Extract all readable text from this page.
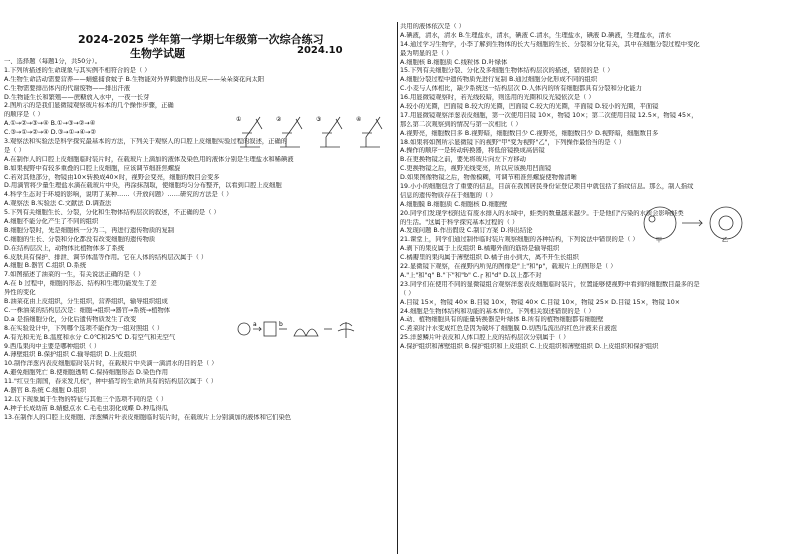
2024-2025 学年第一学期七年级第一次综合练习
生物学试题	2024.10
一、选择题（每题1分，共50分）。
1.下列所描述的生命现象与其实例不相符合的是（ ）
A.生物生命活动需要营养——蜻蜓捕食蚊子 B.生物能对外界刺激作出反应——朵朵葵花向太阳
C.生物需要排出体内的代谢废物——排出汗液
D.生物能生长和繁殖——蔗糖放入水中，一夜一长芽
2.图所示的是我们显微镜观察玻片标本的几个操作步骤，正确
的顺序是（ ）
A.①→②→③→④ B.①→③→②→④
C.③→①→②→④ D.③→①→④→②
3.观察法和实验法是科学探究最基本的方法，下列关于观察人的口腔上皮细胞实验过程的叙述，正确的
是（ ）
A.在制作人的口腔上皮细胞临时装片时，在载玻片上滴加的液体及染色用的液体分别是生理盐水和稀碘液
B.如果视野中有较多重叠的口腔上皮细胞，应该调节细准焦螺旋
C.若对其他部分，物镜由10×转换成40×时，视野会变亮，细胞的数目会变多
D.用滴管将少量生理盐水滴在载玻片中央，再涂抹刮取，使细胞均匀分布整齐，以看到口腔上皮细胞
4.科学生态对于环境的影响，说明了某种……（开放问题）……研究的方法是（ ）
A.观察法 B.实验法 C.文献法 D.调查法
5.下列有关细胞生长、分裂，分化和生物体结构层次的叙述，不正确的是（ ）
A.细胞不能分化产生了不同的组织
B.细胞分裂时，先是细胞核一分为二，再进行遗传物质的复制
C.细胞的生长、分裂和分化都没有改变细胞的遗传物质
D.在结构层次上，动物体比植物体多了系统
6.皮肤具有保护、排泄、调节体温等作用。它在人体的结构层次属于（ ）
A.细胞 B.器官 C.组织 D.系统
7.如图描述了油菜的一生，有关说法正确的是（ ）
A.在 b 过程中，细胞的形态、结构和生理功能发生了差
异性的变化
B.油菜花由上皮组织，分生组织，营养组织，输导组织组成
C.一株油菜的结构层次是：细胞→组织→器官→系统→植物体
D.a 是指细胞分化，分化后遗传物质发生了改变
8.在实验设计中，下列哪个选项不能作为一组对照组（ ）
A.有光和无光 B.温度和水分 C.0℃和25℃ D.有空气和无空气
9.西瓜果肉中主要是哪种组织（ ）
A.薄壁组织 B.保护组织 C.输导组织 D.上皮组织
10.制作洋葱内表皮细胞临时装片时，在载玻片中央滴一滴清水的目的是（ ）
A.避免细胞死亡 B.使细胞透明 C.保持细胞形态 D.染色作用
11."红豆生南国，春来发几枝"，种中描写的生命所具有的结构层次属于（ ）
A.器官 B.系统 C.细胞 D.组织
12.以下现象属于生物的特征与其他三个选项不同的是（ ）
A.种子长成幼苗 B.蜻蜓点水 C.毛毛虫羽化成蝶 D.种瓜得瓜
13.在制作人的口腔上皮细胞、洋葱鳞片叶表皮细胞临时装片时，在载玻片上分别滴加的液体和它们染色
①	②	③	④
a	b
共用的液体依次是（ ）
A.碘液，清水，清水 B.生理盐水，清水，碘液 C.清水，生理盐水，碘液 D.碘液，生理盐水，清水
14.通过学习生物学，小李了解到生物体的长大与细胞的生长、分裂和分化有关，其中在细胞分裂过程中变化
最为明显的是（ ）
A.细胞核 B.细胞质 C.线粒体 D.叶绿体
15.下列有关细胞分裂、分化及多细胞生物体结构层次的描述，错误的是（ ）
A.细胞分裂过程中遗传物质先进行复制 B.通过细胞分化形成不同的组织
C.小麦与人体相比，缺少系统这一结构层次 D.人体内的所有细胞都具有分裂和分化能力
16.用显微镜观察时，若光线较暗，则选用的光圈和反光镜依次是（ ）
A.较小的光圈，凹面镜 B.较大的光圈，凹面镜 C.较大的光圈，平面镜 D.较小的光圈，平面镜
17.用显微镜观察洋葱表皮细胞，第一次使用目镜 10×，物镜 10×；第二次使用目镜 12.5×，物镜 45×，
那么第二次观察到的情况与第一次相比（ ）
A.视野亮，细胞数目多 B.视野暗，细胞数目少 C.视野亮，细胞数目少 D.视野暗，细胞数目多
18.如果将如图所示显微镜下的视野"甲"变为视野"乙"，下列操作最恰当的是（ ）
A.操作的顺序一是转动转换器，将低倍镜换成高倍镜
B.在更换物镜之前，要先将玻片向左下方移动
C.更换物镜之后，视野光线变亮，所以应该换用凹面镜
D.如果图像物镜之后，物像模糊，可调节粗准焦螺旋使物像清晰
19.小小的细胞包含了重要的信息，目前在我国居民身份证登记项目中就包括了指纹信息。那么，制人指纹
信息的遗传物质存在于细胞的（ ）
A.细胞膜 B.细胞质 C.细胞核 D.细胞壁
20.同学们发现学校附近有废水排入的水域中，蛙类的数量越来越少。于是他们"污染的水质会影响蛙类
的生活。"这属于科学探究基本过程的（ ）
A.发现问题 B.作出假设 C.制订方案 D.得出结论
21.课堂上，同学们通过制作临时装片观察细胞的各种结构，下列说法中错误的是（ ）
A.剥下的果皮属于上皮组织 B.橘瓣外面的筋络是输导组织
C.橘瓣里的果肉属于薄壁组织 D.橘子由小到大，离不开生长组织
22.显微镜下观察，在视野内所见的图像是"上"和"p"，载玻片上的图形是（ ）
A."上"和"q" B."下"和"b" C.┌ 和"d" D.以上都不对
23.同学们在使用不同的显微镜组合观察洋葱表皮细胞临时装片，位置能够使视野中看到的细胞数目最多的是
（ ）
A.目镜 15×，物镜 40× B.目镜 10×，物镜 40× C.目镜 10×，物镜 25× D.目镜 15×，物镜 10×
24.细胞是生物体结构和功能的基本单位。下列相关叙述错误的是（ ）
A.动、植物细胞具有的能量转换器是叶绿体 B.所有的植物细胞都有细胞壁
C.煮菜时汁水变成红色是因为破坏了细胞膜 D.切西瓜流出的红色汁液来自液泡
25.洋葱鳞片叶表皮和人体口腔上皮的结构层次分别属于（ ）
A.保护组织和薄壁组织 B.保护组织和上皮组织 C.上皮组织和薄壁组织 D.上皮组织和保护组织
甲	乙
